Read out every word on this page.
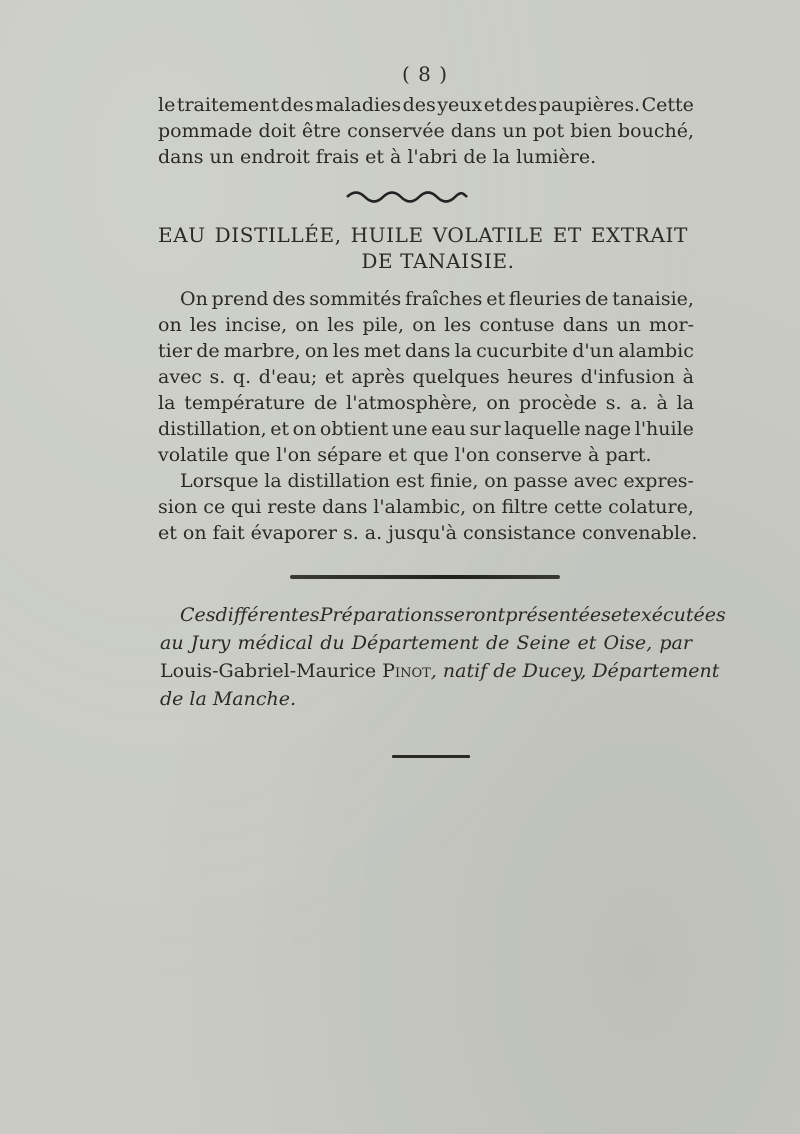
( 8 )
le traitement des maladies des yeux et des paupières. Cette
pommade doit être conservée dans un pot bien bouché,
dans un endroit frais et à l'abri de la lumière.
EAU DISTILLÉE, HUILE VOLATILE ET EXTRAIT
DE TANAISIE.
On prend des sommités fraîches et fleuries de tanaisie,
on les incise, on les pile, on les contuse dans un mor-
tier de marbre, on les met dans la cucurbite d'un alambic
avec s. q. d'eau; et après quelques heures d'infusion à
la température de l'atmosphère, on procède s. a. à la
distillation, et on obtient une eau sur laquelle nage l'huile
volatile que l'on sépare et que l'on conserve à part.
Lorsque la distillation est finie, on passe avec expres-
sion ce qui reste dans l'alambic, on filtre cette colature,
et on fait évaporer s. a. jusqu'à consistance convenable.
Ces différentes Préparations seront présentées et exécutées
au Jury médical du Département de Seine et Oise, par
Louis-Gabriel-Maurice Pinot , natif de Ducey, Département
de la Manche.
